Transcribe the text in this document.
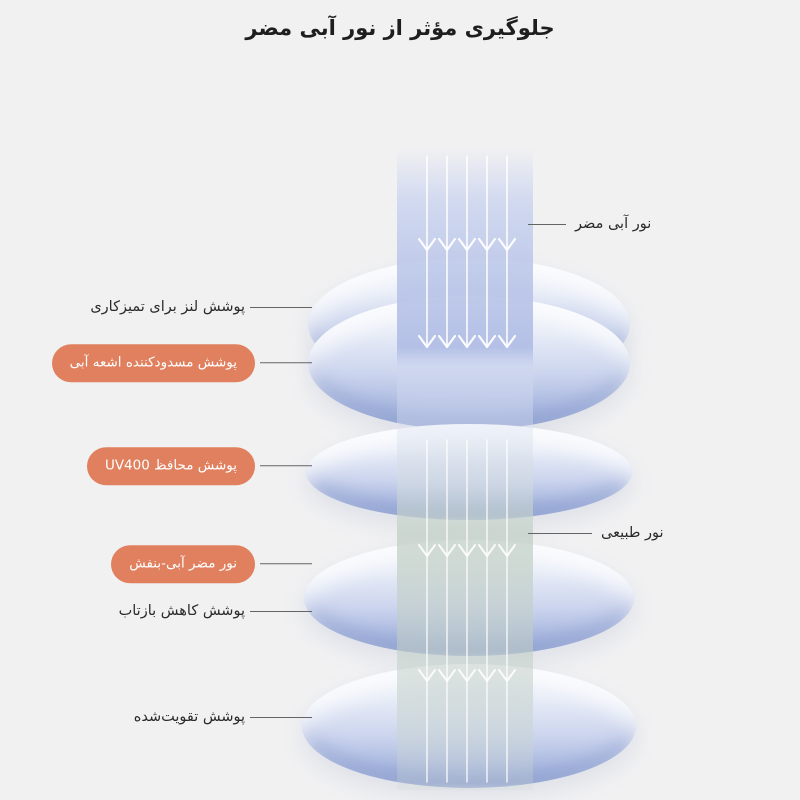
جلوگیری مؤثر از نور آبی مضر
نور آبی مضر
نور طبیعی
پوشش لنز برای تمیزکاری
پوشش مسدودکننده اشعه آبی
پوشش محافظ UV400
نور مضر آبی-بنفش
پوشش کاهش بازتاب
پوشش تقویت‌شده
